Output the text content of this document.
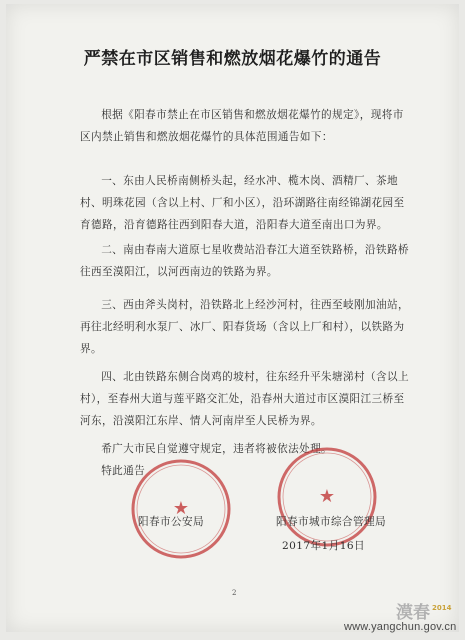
严禁在市区销售和燃放烟花爆竹的通告

根据《阳春市禁止在市区销售和燃放烟花爆竹的规定》，现将市区内禁止销售和燃放烟花爆竹的具体范围通告如下：

一、东由人民桥南侧桥头起，经水冲、榄木岗、酒精厂、茶地村、明珠花园（含以上村、厂和小区），沿环湖路往南经锦湖花园至育德路，沿育德路往西到阳春大道，沿阳春大道至南出口为界。

二、南由春南大道原七星收费站沿春江大道至铁路桥，沿铁路桥往西至漠阳江，以河西南边的铁路为界。

三、西由斧头岗村，沿铁路北上经沙河村，往西至岐刚加油站，再往北经明利水泵厂、冰厂、阳春货场（含以上厂和村），以铁路为界。

四、北由铁路东侧合岗鸡的坡村，往东经升平朱塘涕村（含以上村），至春州大道与莲平路交汇处，沿春州大道过市区漠阳江三桥至河东，沿漠阳江东岸、情人河南岸至人民桥为界。

希广大市民自觉遵守规定，违者将被依法处理。

特此通告

★
★
阳春市公安局	阳春市城市综合管理局
2017年1月16日
2
漠春 2014
www.yangchun.gov.cn
